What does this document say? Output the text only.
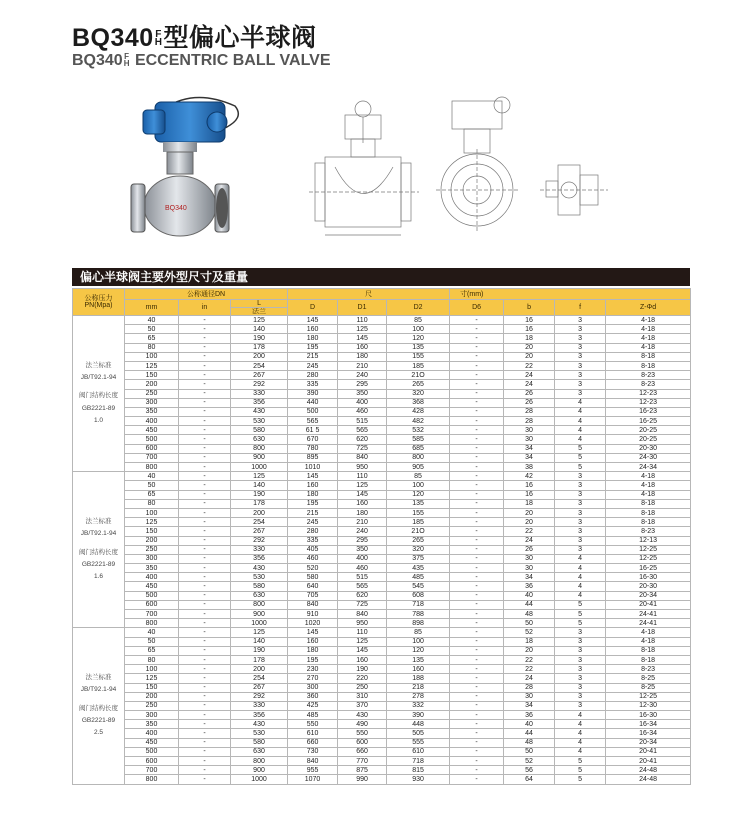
BQ340 F
H 型偏心半球阀
BQ340 F
H ECCENTRIC BALL VALVE
BQ340
偏心半球阀主要外型尺寸及重量
公称压力
PN(Mpa)	公称通径DN			尺			寸(mm)			
	mm	in	L	D	D1	D2	D6	b	f	Z-Φd
			法兰							

法兰标准
JB/T92.1-94
阀门结构长度
GB2221-89
1.0	40	-	125	145	110	85	-	16	3	4-18
	50	-	140	160	125	100	-	16	3	4-18
	65	-	190	180	145	120	-	18	3	4-18
	80	-	178	195	160	135	-	20	3	4-18
	100	-	200	215	180	155	-	20	3	8-18
	125	-	254	245	210	185	-	22	3	8-18
	150	-	267	280	240	21O	-	24	3	8-23
	200	-	292	335	295	265	-	24	3	8-23
	250	-	330	390	350	320	-	26	3	12-23
	300	-	356	440	400	368	-	26	4	12-23
	350	-	430	500	460	428	-	28	4	16-23
	400	-	530	565	515	482	-	28	4	16-25
	450	-	580	61 5	565	532	-	30	4	20-25
	500	-	630	670	620	585	-	30	4	20-25
	600	-	800	780	725	685	-	34	5	20-30
	700	-	900	895	840	800	-	34	5	24-30
	800	-	1000	1010	950	905	-	38	5	24-34

法兰标准
JB/T92.1-94
阀门结构长度
GB2221-89
1.6	40	-	125	145	110	85	-	42	3	4-18
	50	-	140	160	125	100	-	16	3	4-18
	65	-	190	180	145	120	-	16	3	4-18
	80	-	178	195	160	135	-	18	3	8-18
	100	-	200	215	180	155	-	20	3	8-18
	125	-	254	245	210	185	-	20	3	8-18
	150	-	267	280	240	21O	-	22	3	8-23
	200	-	292	335	295	265	-	24	3	12-13
	250	-	330	405	350	320	-	26	3	12-25
	300	-	356	460	400	375	-	30	4	12-25
	350	-	430	520	460	435	-	30	4	16-25
	400	-	530	580	515	485	-	34	4	16-30
	450	-	580	640	565	545	-	36	4	20-30
	500	-	630	705	620	608	-	40	4	20-34
	600	-	800	840	725	718	-	44	5	20-41
	700	-	900	910	840	788	-	48	5	24-41
	800	-	1000	1020	950	898	-	50	5	24-41

法兰标准
JB/T92.1-94
阀门结构长度
GB2221-89
2.5	40	-	125	145	110	85	-	52	3	4-18
	50	-	140	160	125	100	-	18	3	4-18
	65	-	190	180	145	120	-	20	3	8-18
	80	-	178	195	160	135	-	22	3	8-18
	100	-	200	230	190	160	-	22	3	8-23
	125	-	254	270	220	188	-	24	3	8-25
	150	-	267	300	250	218	-	28	3	8-25
	200	-	292	360	310	278	-	30	3	12-25
	250	-	330	425	370	332	-	34	3	12-30
	300	-	356	485	430	390	-	36	4	16-30
	350	-	430	550	490	448	-	40	4	16-34
	400	-	530	610	550	505	-	44	4	16-34
	450	-	580	660	600	555	-	48	4	20-34
	500	-	630	730	660	610	-	50	4	20-41
	600	-	800	840	770	718	-	52	5	20-41
	700	-	900	955	875	815	-	56	5	24-48
	800	-	1000	1070	990	930	-	64	5	24-48
